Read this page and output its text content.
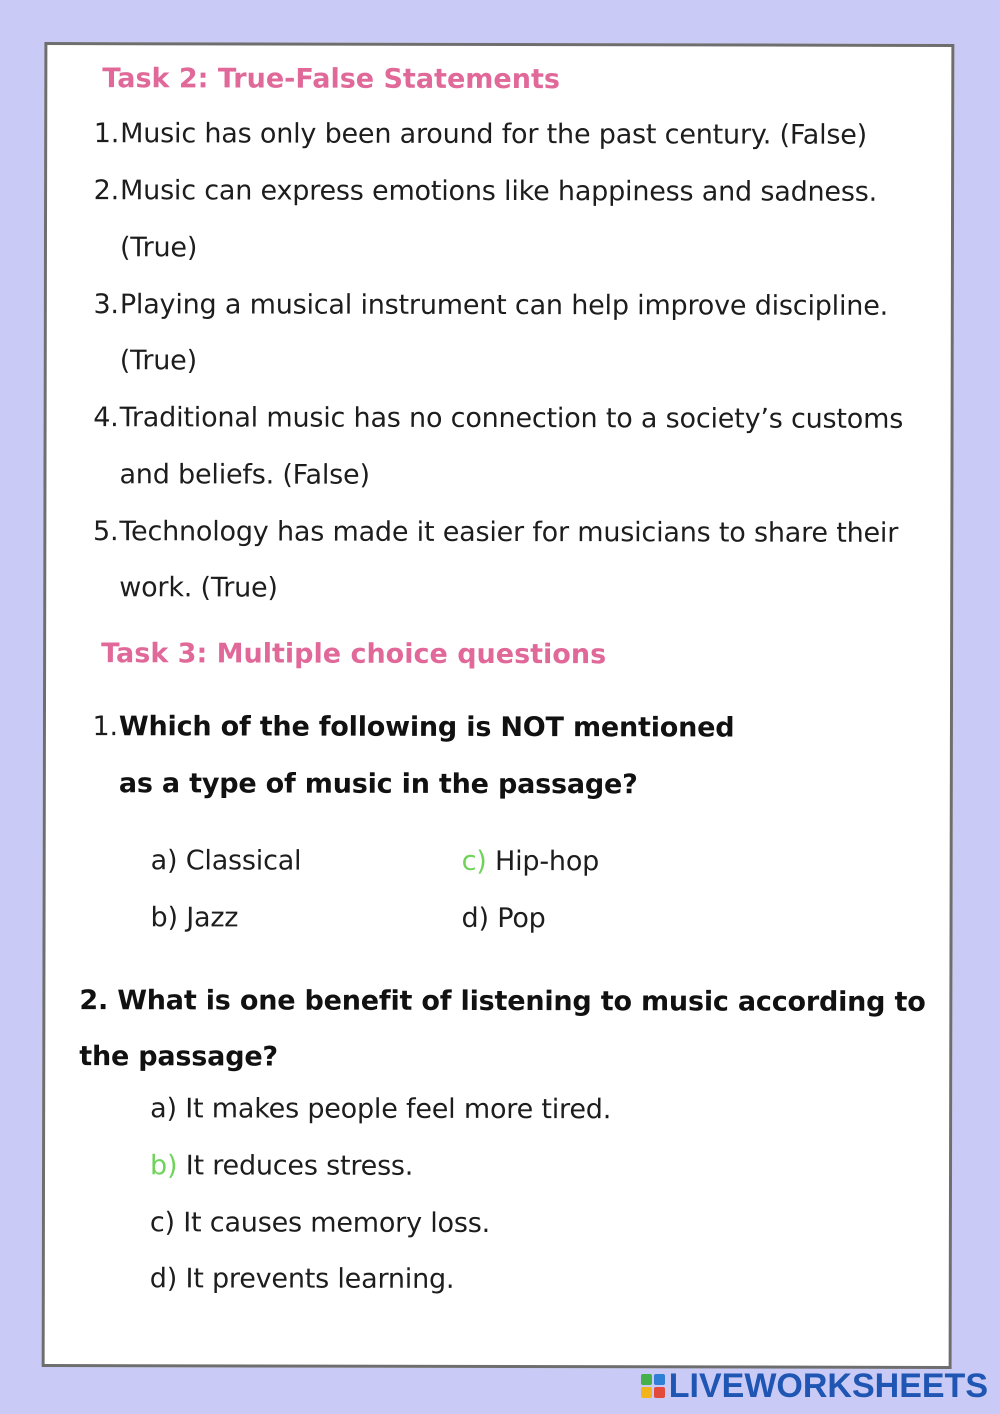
Task 2: True-False Statements
1. Music has only been around for the past century. (False)
2. Music can express emotions like happiness and sadness.
(True)
3. Playing a musical instrument can help improve discipline.
(True)
4. Traditional music has no connection to a society’s customs
and beliefs. (False)
5. Technology has made it easier for musicians to share their
work. (True)
Task 3: Multiple choice questions
1. Which of the following is NOT mentioned
as a type of music in the passage?
a) Classical
b) Jazz
c) Hip-hop
d) Pop
2. What is one benefit of listening to music according to
the passage?
a) It makes people feel more tired.
b) It reduces stress.
c) It causes memory loss.
d) It prevents learning.
LIVEWORKSHEETS
